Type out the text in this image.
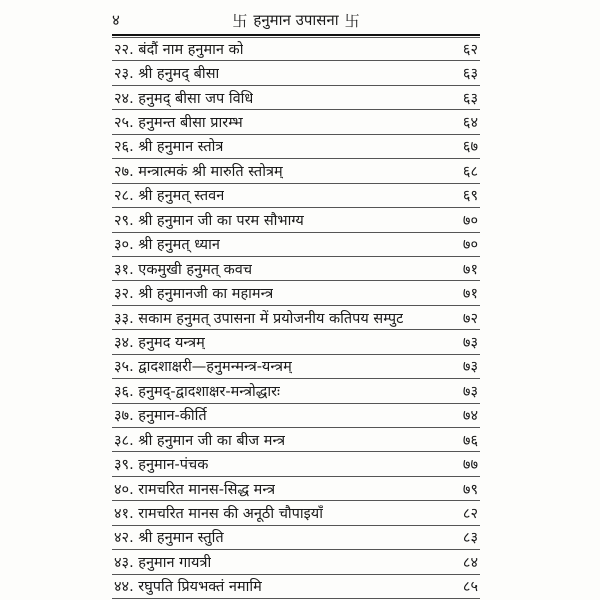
४	卐 हनुमान उपासना 卐
२२. बंदौं नाम हनुमान को	६२
२३. श्री हनुमद् बीसा	६३
२४. हनुमद् बीसा जप विधि	६३
२५. हनुमन्त बीसा प्रारम्भ	६४
२६. श्री हनुमान स्तोत्र	६७
२७. मन्त्रात्मकं श्री मारुति स्तोत्रम्	६८
२८. श्री हनुमत् स्तवन	६९
२९. श्री हनुमान जी का परम सौभाग्य	७०
३०. श्री हनुमत् ध्यान	७०
३१. एकमुखी हनुमत् कवच	७१
३२. श्री हनुमानजी का महामन्त्र	७१
३३. सकाम हनुमत् उपासना में प्रयोजनीय कतिपय सम्पुट	७२
३४. हनुमद यन्त्रम्	७३
३५. द्वादशाक्षरी—हनुमन्मन्त्र-यन्त्रम्	७३
३६. हनुमद्-द्वादशाक्षर-मन्त्रोद्धारः	७३
३७. हनुमान-कीर्ति	७४
३८. श्री हनुमान जी का बीज मन्त्र	७६
३९. हनुमान-पंचक	७७
४०. रामचरित मानस-सिद्ध मन्त्र	७९
४१. रामचरित मानस की अनूठी चौपाइयाँ	८२
४२. श्री हनुमान स्तुति	८३
४३. हनुमान गायत्री	८४
४४. रघुपति प्रियभक्तं नमामि	८५
